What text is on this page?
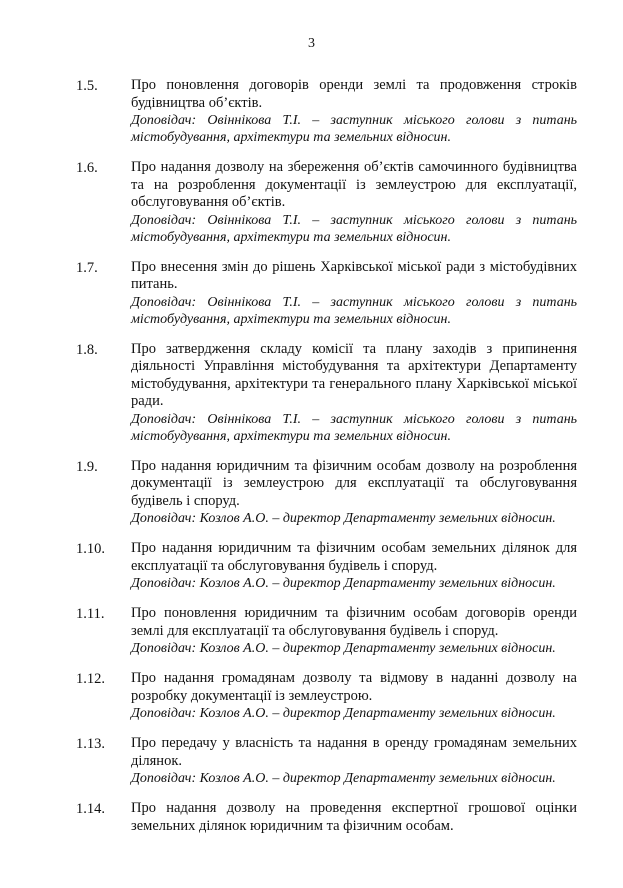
3
1.5. Про поновлення договорів оренди землі та продовження строків будівництва об’єктів.
Доповідач: Овіннікова Т.І. – заступник міського голови з питань містобудування, архітектури та земельних відносин.
1.6. Про надання дозволу на збереження об’єктів самочинного будівництва та на розроблення документації із землеустрою для експлуатації, обслуговування об’єктів.
Доповідач: Овіннікова Т.І. – заступник міського голови з питань містобудування, архітектури та земельних відносин.
1.7. Про внесення змін до рішень Харківської міської ради з містобудівних питань.
Доповідач: Овіннікова Т.І. – заступник міського голови з питань містобудування, архітектури та земельних відносин.
1.8. Про затвердження складу комісії та плану заходів з припинення діяльності Управління містобудування та архітектури Департаменту містобудування, архітектури та генерального плану Харківської міської ради.
Доповідач: Овіннікова Т.І. – заступник міського голови з питань містобудування, архітектури та земельних відносин.
1.9. Про надання юридичним та фізичним особам дозволу на розроблення документації із землеустрою для експлуатації та обслуговування будівель і споруд.
Доповідач: Козлов А.О. – директор Департаменту земельних відносин.
1.10. Про надання юридичним та фізичним особам земельних ділянок для експлуатації та обслуговування будівель і споруд.
Доповідач: Козлов А.О. – директор Департаменту земельних відносин.
1.11. Про поновлення юридичним та фізичним особам договорів оренди землі для експлуатації та обслуговування будівель і споруд.
Доповідач: Козлов А.О. – директор Департаменту земельних відносин.
1.12. Про надання громадянам дозволу та відмову в наданні дозволу на розробку документації із землеустрою.
Доповідач: Козлов А.О. – директор Департаменту земельних відносин.
1.13. Про передачу у власність та надання в оренду громадянам земельних ділянок.
Доповідач: Козлов А.О. – директор Департаменту земельних відносин.
1.14. Про надання дозволу на проведення експертної грошової оцінки земельних ділянок юридичним та фізичним особам.
